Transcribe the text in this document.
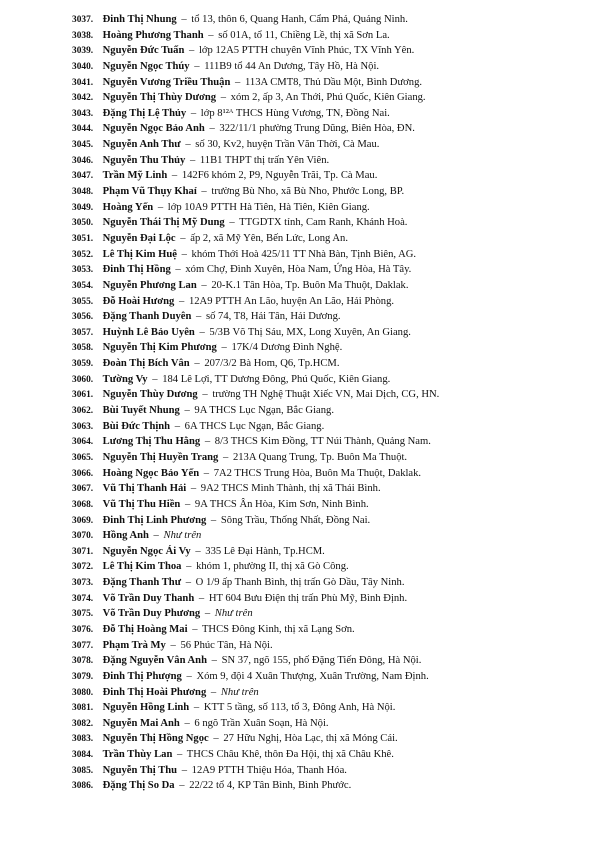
3037. Đinh Thị Nhung – tổ 13, thôn 6, Quang Hanh, Cẩm Phả, Quảng Ninh.
3038. Hoàng Phương Thanh – số 01A, tổ 11, Chiềng Lề, thị xã Sơn La.
3039. Nguyễn Đức Tuấn – lớp 12A5 PTTH chuyên Vĩnh Phúc, TX Vĩnh Yên.
3040. Nguyễn Ngọc Thúy – 111B9 tổ 44 An Dương, Tây Hồ, Hà Nội.
3041. Nguyễn Vương Triều Thuận – 113A CMT8, Thủ Dầu Một, Bình Dương.
3042. Nguyễn Thị Thùy Dương – xóm 2, ấp 3, An Thới, Phú Quốc, Kiên Giang.
3043. Đặng Thị Lệ Thủy – lớp 8¹²ᴬ THCS Hùng Vương, TN, Đồng Nai.
3044. Nguyễn Ngọc Bảo Anh – 322/11/1 phường Trung Dũng, Biên Hòa, ĐN.
3045. Nguyễn Anh Thư – số 30, Kv2, huyện Trần Văn Thời, Cà Mau.
3046. Nguyễn Thu Thủy – 11B1 THPT thị trấn Yên Viên.
3047. Trần Mỹ Linh – 142F6 khóm 2, P9, Nguyễn Trãi, Tp. Cà Mau.
3048. Phạm Vũ Thụy Khaỉ – trường Bù Nho, xã Bù Nho, Phước Long, BP.
3049. Hoàng Yến – lớp 10A9 PTTH Hà Tiên, Hà Tiên, Kiên Giang.
3050. Nguyễn Thái Thị Mỹ Dung – TTGDTX tỉnh, Cam Ranh, Khánh Hoà.
3051. Nguyễn Đại Lộc – ấp 2, xã Mỹ Yên, Bến Lức, Long An.
3052. Lê Thị Kim Huệ – khóm Thới Hoà 425/11 TT Nhà Bàn, Tịnh Biên, AG.
3053. Đinh Thị Hồng – xóm Chợ, Đình Xuyên, Hòa Nam, Ứng Hòa, Hà Tây.
3054. Nguyễn Phương Lan – 20-K.1 Tân Hòa, Tp. Buôn Ma Thuột, Daklak.
3055. Đỗ Hoài Hương – 12A9 PTTH An Lão, huyện An Lão, Hải Phòng.
3056. Đặng Thanh Duyên – số 74, T8, Hải Tân, Hải Dương.
3057. Huỳnh Lê Bảo Uyên – 5/3B Võ Thị Sáu, MX, Long Xuyên, An Giang.
3058. Nguyễn Thị Kim Phương – 17K/4 Dương Đình Nghệ.
3059. Đoàn Thị Bích Vân – 207/3/2 Bà Hom, Q6, Tp.HCM.
3060. Tường Vy – 184 Lê Lợi, TT Dương Đông, Phú Quốc, Kiên Giang.
3061. Nguyễn Thùy Dương – trường TH Nghệ Thuật Xiếc VN, Mai Dịch, CG, HN.
3062. Bùi Tuyết Nhung – 9A THCS Lục Ngạn, Bắc Giang.
3063. Bùi Đức Thịnh – 6A THCS Lục Ngạn, Bắc Giang.
3064. Lương Thị Thu Hằng – 8/3 THCS Kim Đồng, TT Núi Thành, Quảng Nam.
3065. Nguyễn Thị Huyền Trang – 213A Quang Trung, Tp. Buôn Ma Thuột.
3066. Hoàng Ngọc Bảo Yến – 7A2 THCS Trung Hòa, Buôn Ma Thuột, Daklak.
3067. Vũ Thị Thanh Hải – 9A2 THCS Minh Thành, thị xã Thái Bình.
3068. Vũ Thị Thu Hiền – 9A THCS Ân Hòa, Kim Sơn, Ninh Bình.
3069. Đinh Thị Linh Phương – Sông Trầu, Thống Nhất, Đồng Nai.
3070. Hồng Anh – Như trên
3071. Nguyễn Ngọc Ái Vy – 335 Lê Đại Hành, Tp.HCM.
3072. Lê Thị Kim Thoa – khóm 1, phường II, thị xã Gò Công.
3073. Đặng Thanh Thư – O 1/9 ấp Thanh Bình, thị trấn Gò Dầu, Tây Ninh.
3074. Võ Trần Duy Thanh – HT 604 Bưu Điện thị trấn Phù Mỹ, Bình Định.
3075. Võ Trần Duy Phương – Như trên
3076. Đỗ Thị Hoàng Mai – THCS Đông Kinh, thị xã Lạng Sơn.
3077. Phạm Trà My – 56 Phúc Tân, Hà Nội.
3078. Đặng Nguyễn Vân Anh – SN 37, ngõ 155, phố Đặng Tiến Đông, Hà Nội.
3079. Đinh Thị Phượng – Xóm 9, đội 4 Xuân Thượng, Xuân Trường, Nam Định.
3080. Đinh Thị Hoài Phương – Như trên
3081. Nguyễn Hồng Linh – KTT 5 tầng, số 113, tổ 3, Đông Anh, Hà Nội.
3082. Nguyễn Mai Anh – 6 ngõ Trần Xuân Soạn, Hà Nội.
3083. Nguyễn Thị Hồng Ngọc – 27 Hữu Nghị, Hòa Lạc, thị xã Móng Cái.
3084. Trần Thùy Lan – THCS Châu Khê, thôn Đa Hội, thị xã Châu Khê.
3085. Nguyễn Thị Thu – 12A9 PTTH Thiệu Hóa, Thanh Hóa.
3086. Đặng Thị So Da – 22/22 tổ 4, KP Tân Bình, Bình Phước.
